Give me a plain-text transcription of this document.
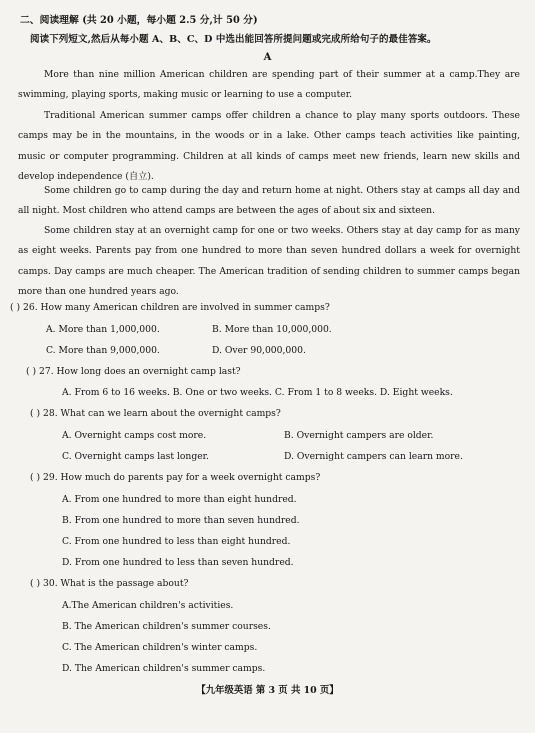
二、阅读理解 (共 20 小题，每小题 2.5 分,计 50 分)
阅读下列短文,然后从每小题 A、B、C、D 中选出能回答所提问题或完成所给句子的最佳答案。
A
More than nine million American children are spending part of their summer at a camp.They are swimming, playing sports, making music or learning to use a computer.
Traditional American summer camps offer children a chance to play many sports outdoors. These camps may be in the mountains, in the woods or in a lake. Other camps teach activities like painting, music or computer programming. Children at all kinds of camps meet new friends, learn new skills and develop independence (自立).
Some children go to camp during the day and return home at night. Others stay at camps all day and all night. Most children who attend camps are between the ages of about six and sixteen.
Some children stay at an overnight camp for one or two weeks. Others stay at day camp for as many as eight weeks. Parents pay from one hundred to more than seven hundred dollars a week for overnight camps. Day camps are much cheaper. The American tradition of sending children to summer camps began more than one hundred years ago.
( ) 26. How many American children are involved in summer camps?
A. More than 1,000,000.	B. More than 10,000,000.
C. More than 9,000,000.	D. Over 90,000,000.
( ) 27. How long does an overnight camp last?
A. From 6 to 16 weeks. B. One or two weeks. C. From 1 to 8 weeks. D. Eight weeks.
( ) 28. What can we learn about the overnight camps?
A. Overnight camps cost more.	B. Overnight campers are older.
C. Overnight camps last longer.	D. Overnight campers can learn more.
( ) 29. How much do parents pay for a week overnight camps?
A. From one hundred to more than eight hundred.
B. From one hundred to more than seven hundred.
C. From one hundred to less than eight hundred.
D. From one hundred to less than seven hundred.
( ) 30. What is the passage about?
A.The American children's activities.
B. The American children's summer courses.
C. The American children's winter camps.
D. The American children's summer camps.
【九年级英语 第 3 页 共 10 页】
